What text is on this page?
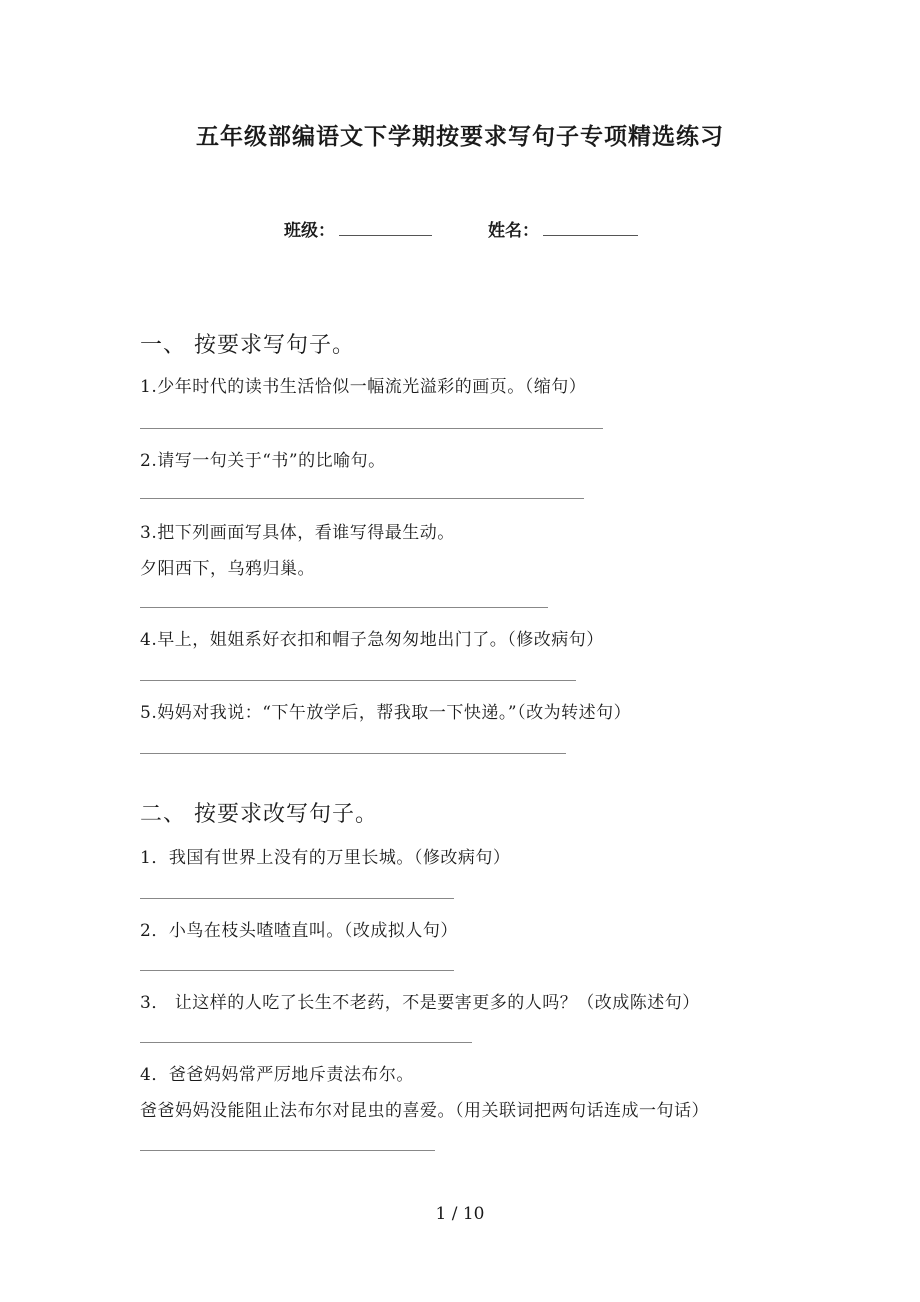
五年级部编语文下学期按要求写句子专项精选练习
班级：	姓名：
一、 按要求写句子。
1.少年时代的读书生活恰似一幅流光溢彩的画页。（缩句）
2.请写一句关于“书”的比喻句。
3.把下列画面写具体，看谁写得最生动。
夕阳西下，乌鸦归巢。
4.早上，姐姐系好衣扣和帽子急匆匆地出门了。（修改病句）
5.妈妈对我说：“下午放学后，帮我取一下快递。”（改为转述句）
二、 按要求改写句子。
1．我国有世界上没有的万里长城。（修改病句）
2．小鸟在枝头喳喳直叫。（改成拟人句）
3． 让这样的人吃了长生不老药，不是要害更多的人吗？（改成陈述句）
4．爸爸妈妈常严厉地斥责法布尔。
爸爸妈妈没能阻止法布尔对昆虫的喜爱。（用关联词把两句话连成一句话）
1 / 10
